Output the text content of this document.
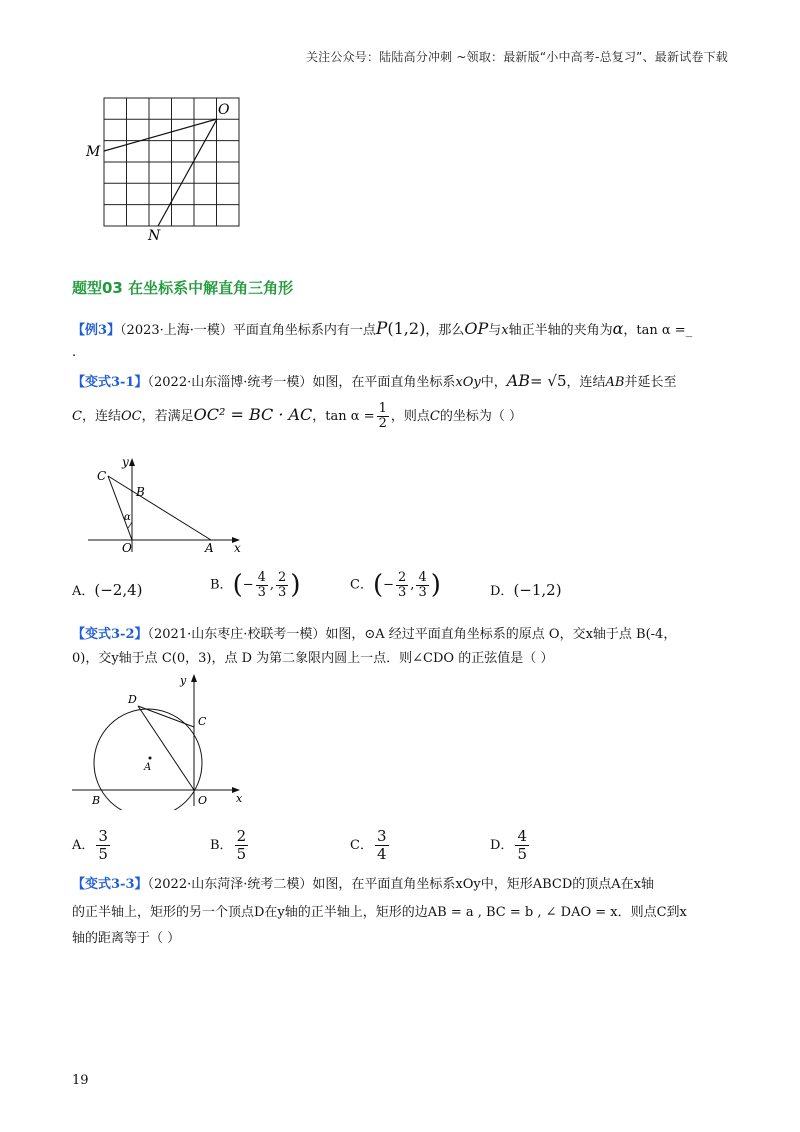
关注公众号：陆陆高分冲刺 ~领取：最新版“小中高考-总复习”、最新试卷下载
M
O
N
题型03 在坐标系中解直角三角形
【例3】（2023·上海·一模）平面直角坐标系内有一点P(1,2)，那么OP与x轴正半轴的夹角为α，tan α =_
.
【变式3-1】（2022·山东淄博·统考一模）如图，在平面直角坐标系xOy中，AB= √5，连结AB并延长至
C，连结OC，若满足OC² = BC · AC，$\tan \alpha = \frac{1}{2}$ ，则点C的坐标为（ ）
C
y
B
α
O	A x
A．(−2,4)	B．(− $\frac{4}{3}$ , $\frac{2}{3}$ )	C．(− $\frac{2}{3}$ , $\frac{4}{3}$ )	D．(−1,2)
【变式3-2】（2021·山东枣庄·校联考一模）如图，⊙A 经过平面直角坐标系的原点 O，交x轴于点 B(-4，
0)，交y轴于点 C(0，3)，点 D 为第二象限内圆上一点．则∠CDO 的正弦值是（ ）
y
D
C
A
B	O	x
A． $\frac{3}{5}$	B． $\frac{2}{5}$	C． $\frac{3}{4}$	D． $\frac{4}{5}$
【变式3-3】（2022·山东菏泽·统考二模）如图，在平面直角坐标系xOy中，矩形ABCD的顶点A在x轴
的正半轴上，矩形的另一个顶点D在y轴的正半轴上，矩形的边AB = a , BC = b , ∠ DAO = x．则点C到x
轴的距离等于（ ）
19
